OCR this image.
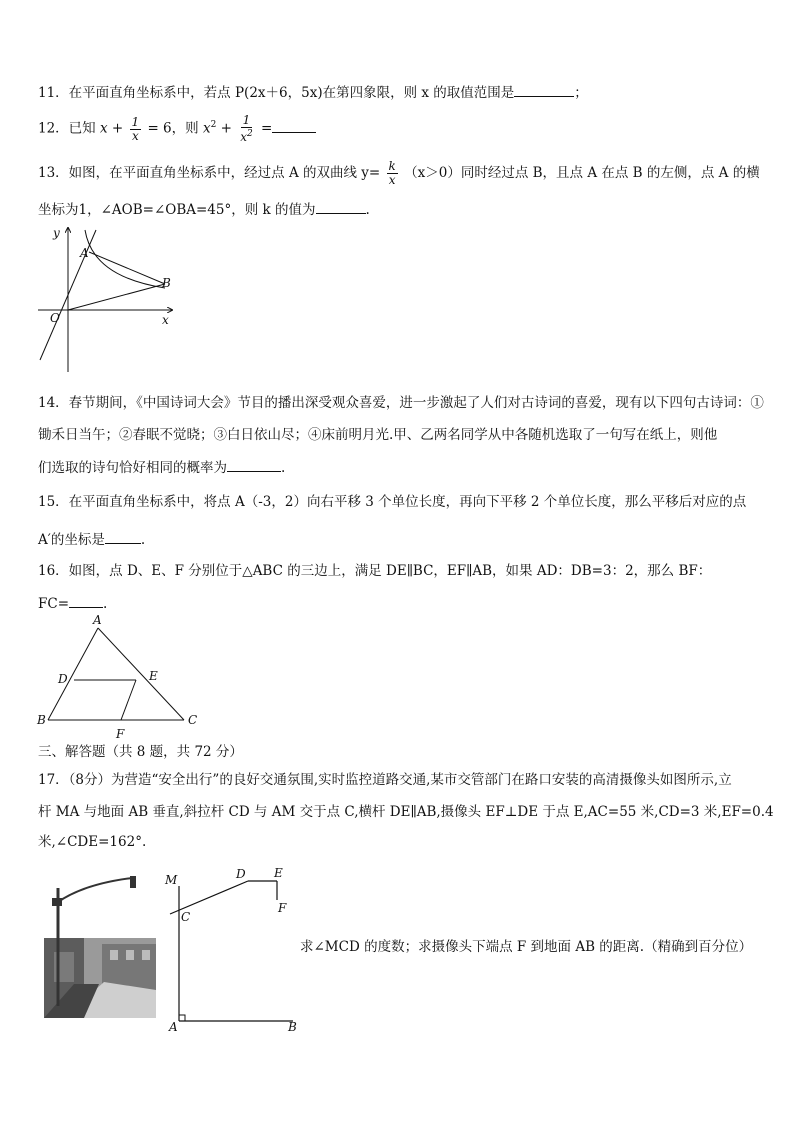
11．在平面直角坐标系中，若点 P(2x＋6，5x)在第四象限，则 x 的取值范围是	；
12．已知 $x + \frac{1}{x} = 6$，则 $x^2 + \frac{1}{x^2}$ =
13．如图，在平面直角坐标系中，经过点 A 的双曲线 $y= \frac{k}{x} (x>0)$同时经过点 B，且点 A 在点 B 的左侧，点 A 的横
坐标为1，∠AOB=∠OBA=45°，则 k 的值为	.
y
A
B
O	x
14．春节期间，《中国诗词大会》节目的播出深受观众喜爱，进一步激起了人们对古诗词的喜爱，现有以下四句古诗词：①
锄禾日当午；②春眠不觉晓；③白日依山尽；④床前明月光.甲、乙两名同学从中各随机选取了一句写在纸上，则他
们选取的诗句恰好相同的概率为	.
15．在平面直角坐标系中，将点 A（-3，2）向右平移 3 个单位长度，再向下平移 2 个单位长度，那么平移后对应的点
A′的坐标是	.
16．如图，点 D、E、F 分别位于△ABC 的三边上，满足 DE∥BC，EF∥AB，如果 AD：DB=3：2，那么 BF：
FC=	.
A
D	E
B	C
F
三、解答题（共 8 题，共 72 分）
17．（8分）为营造“安全出行”的良好交通氛围,实时监控道路交通,某市交管部门在路口安装的高清摄像头如图所示,立
杆 MA 与地面 AB 垂直,斜拉杆 CD 与 AM 交于点 C,横杆 DE∥AB,摄像头 EF⊥DE 于点 E,AC=55 米,CD=3 米,EF=0.4
米,∠CDE=162°.
M	D E
C
F
A	B
求∠MCD 的度数；求摄像头下端点 F 到地面 AB 的距离.（精确到百分位）
